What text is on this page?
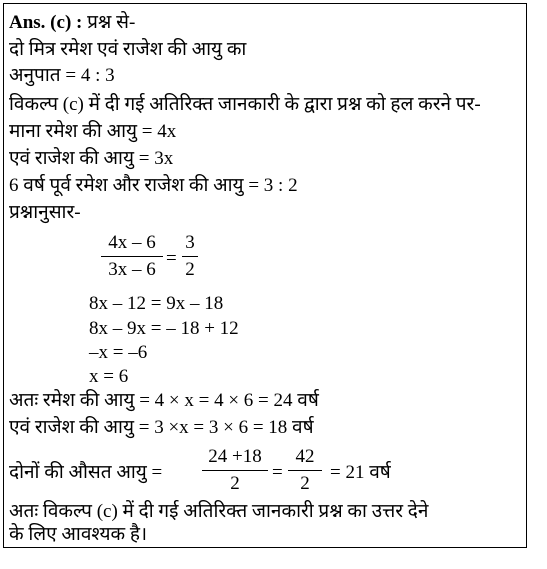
Ans. (c) : प्रश्न से-
दो मित्र रमेश एवं राजेश की आयु का
अनुपात = 4 : 3
विकल्प (c) में दी गई अतिरिक्त जानकारी के द्वारा प्रश्न को हल करने पर-
माना रमेश की आयु = 4x
एवं राजेश की आयु = 3x
6 वर्ष पूर्व रमेश और राजेश की आयु = 3 : 2
प्रश्नानुसार-
4x – 6
3x – 6
=
3
2
8x – 12 = 9x – 18
8x – 9x = – 18 + 12
–x = –6
x = 6
अतः रमेश की आयु = 4 × x = 4 × 6 = 24 वर्ष
एवं राजेश की आयु = 3 ×x = 3 × 6 = 18 वर्ष
दोनों की औसत आयु =
24 +18
2
=
42
2
= 21 वर्ष
अतः विकल्प (c) में दी गई अतिरिक्त जानकारी प्रश्न का उत्तर देने
के लिए आवश्यक है।
